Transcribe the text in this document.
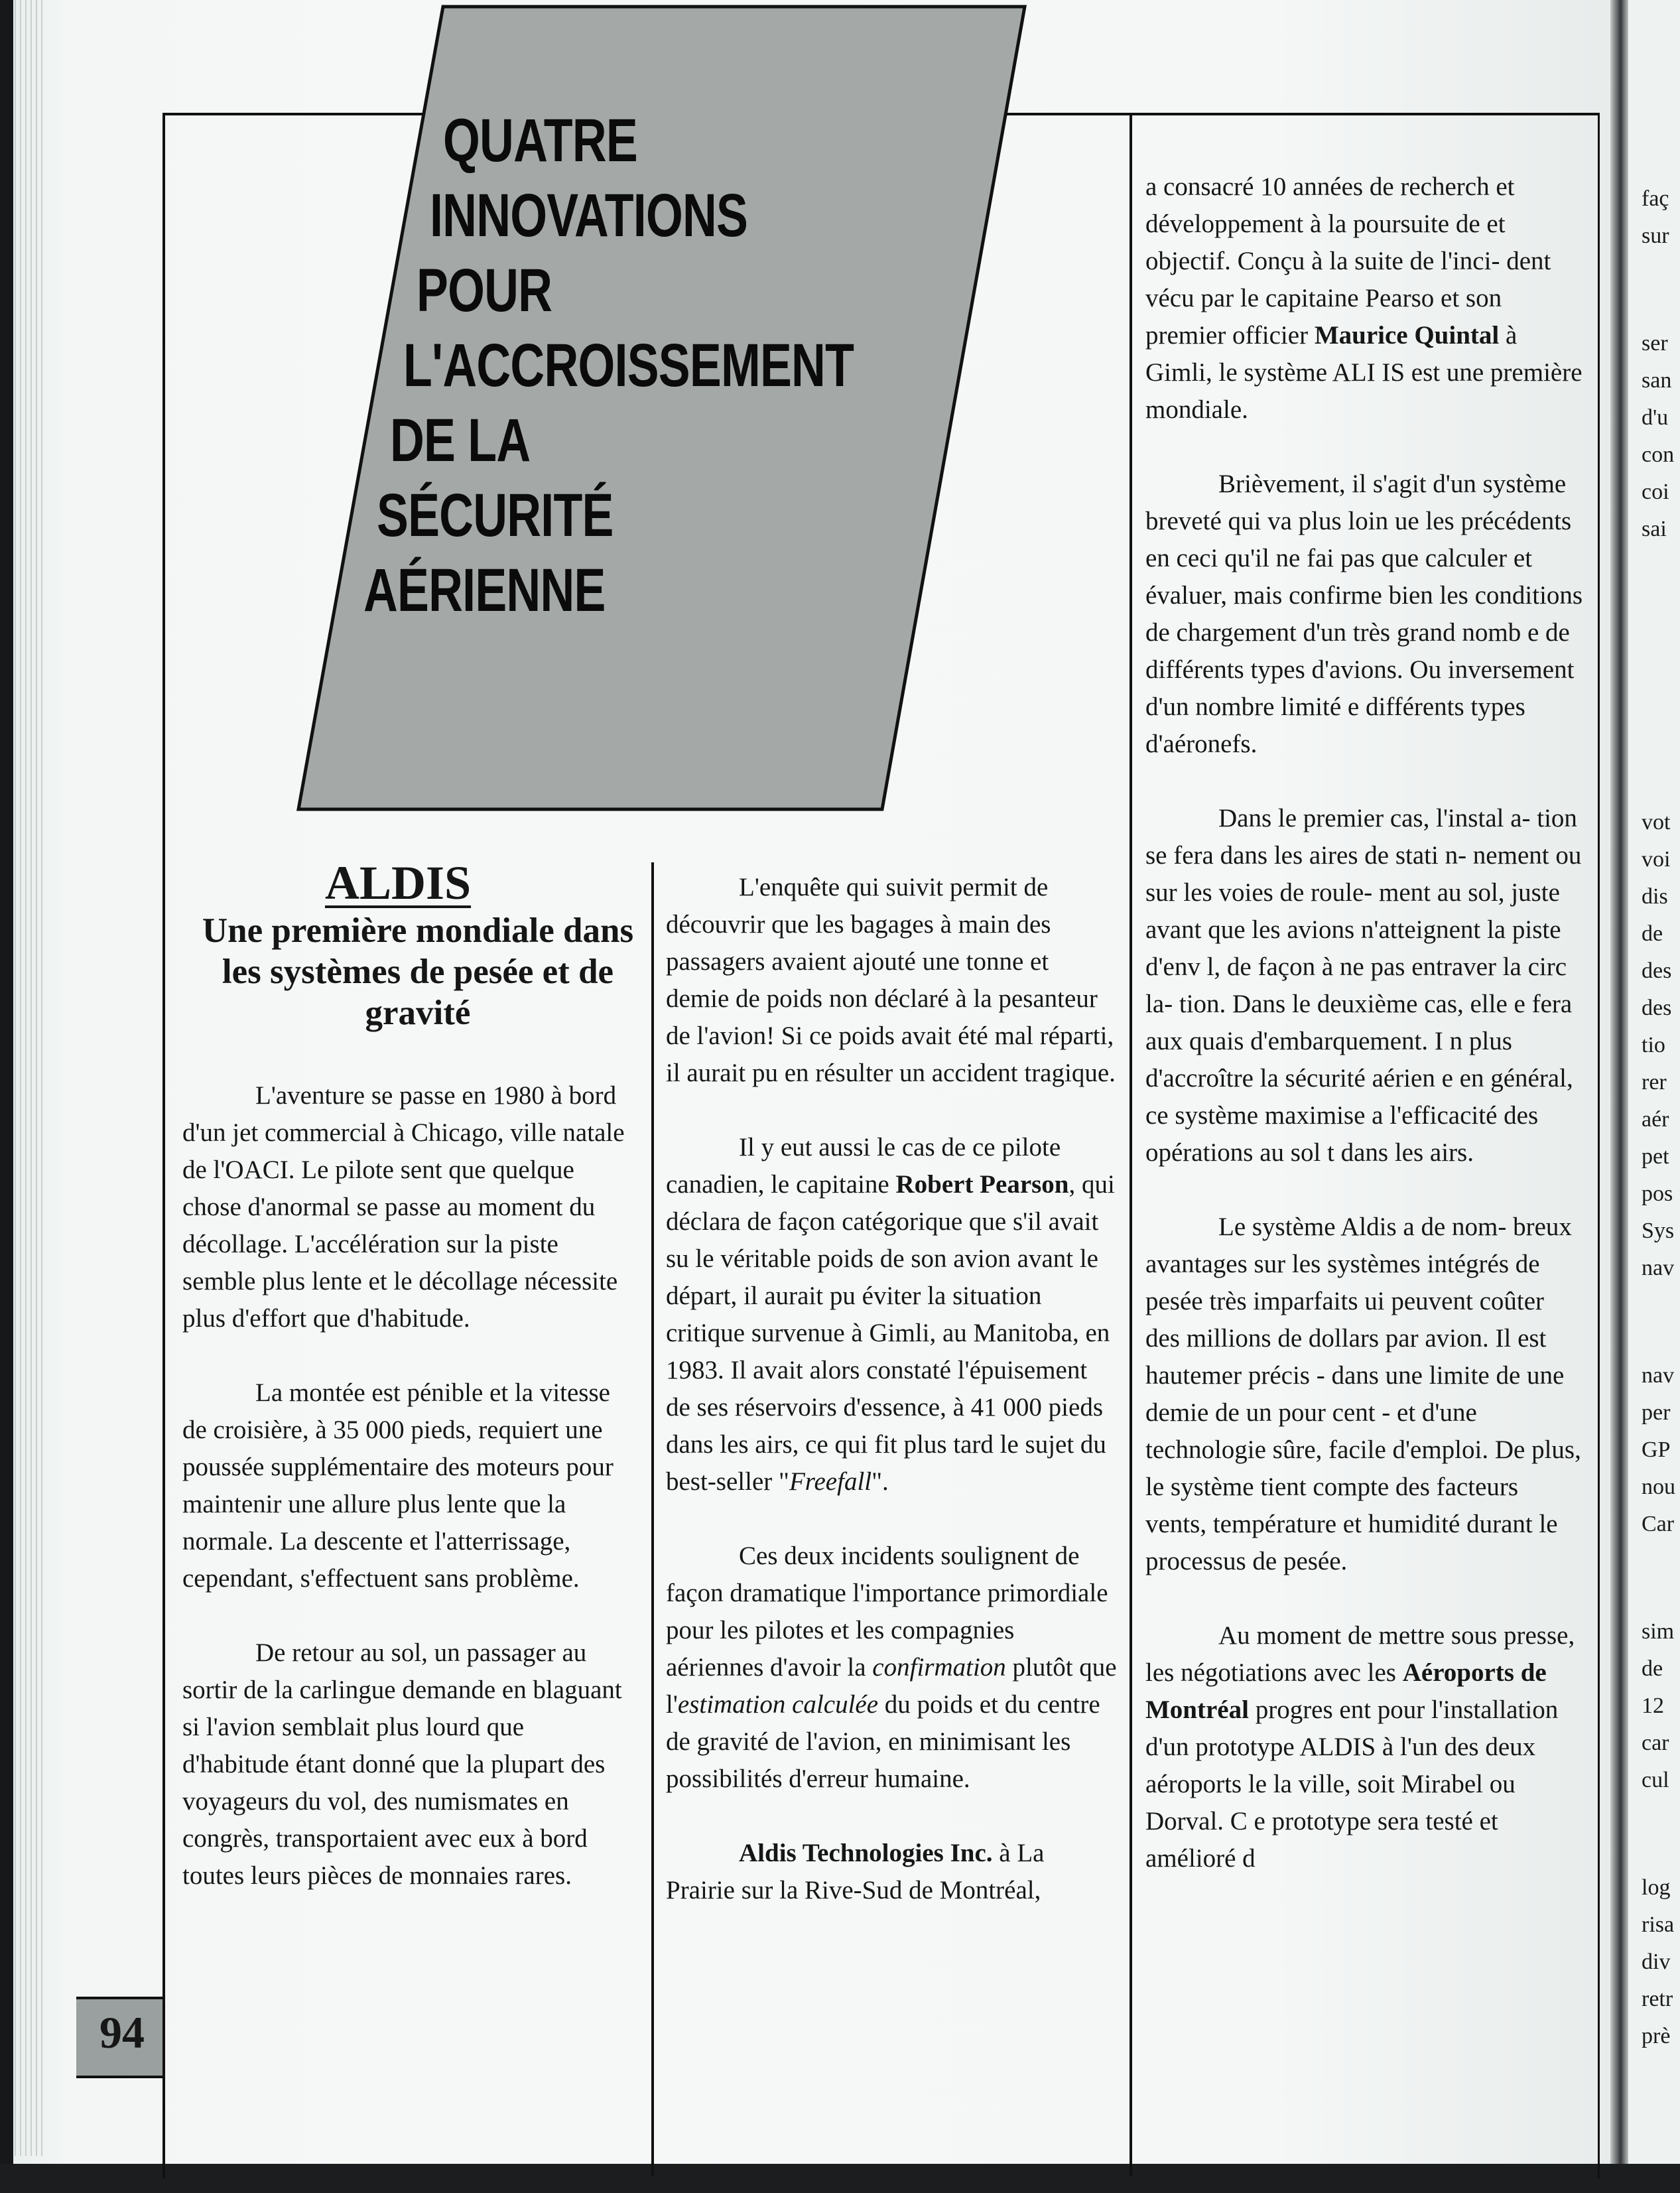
QUATRE
INNOVATIONS
POUR
L'ACCROISSEMENT
DE LA
SÉCURITÉ
AÉRIENNE
ALDIS
Une première mondiale dans les systèmes de pesée et de gravité

L'aventure se passe en 1980 à bord d'un jet commercial à Chicago, ville natale de l'OACI. Le pilote sent que quelque chose d'anormal se passe au moment du décollage. L'accélération sur la piste semble plus lente et le décollage nécessite plus d'effort que d'habitude.

La montée est pénible et la vitesse de croisière, à 35 000 pieds, requiert une poussée supplémentaire des moteurs pour maintenir une allure plus lente que la normale. La descente et l'atterrissage, cependant, s'effectuent sans problème.

De retour au sol, un passager au sortir de la carlingue demande en blaguant si l'avion semblait plus lourd que d'habitude étant donné que la plupart des voyageurs du vol, des numismates en congrès, transportaient avec eux à bord toutes leurs pièces de monnaies rares.

L'enquête qui suivit permit de découvrir que les bagages à main des passagers avaient ajouté une tonne et demie de poids non déclaré à la pesanteur de l'avion! Si ce poids avait été mal réparti, il aurait pu en résulter un accident tragique.

Il y eut aussi le cas de ce pilote canadien, le capitaine Robert Pearson, qui déclara de façon catégorique que s'il avait su le véritable poids de son avion avant le départ, il aurait pu éviter la situation critique survenue à Gimli, au Manitoba, en 1983. Il avait alors constaté l'épuisement de ses réservoirs d'essence, à 41 000 pieds dans les airs, ce qui fit plus tard le sujet du best-seller "Freefall".

Ces deux incidents soulignent de façon dramatique l'importance primordiale pour les pilotes et les compagnies aériennes d'avoir la confirmation plutôt que l'estimation calculée du poids et du centre de gravité de l'avion, en minimisant les possibilités d'erreur humaine.

Aldis Technologies Inc. à La Prairie sur la Rive-Sud de Montréal,

a consacré 10 années de recherch et développement à la poursuite de et objectif. Conçu à la suite de l'inci- dent vécu par le capitaine Pearso et son premier officier Maurice Quintal à Gimli, le système ALI IS est une première mondiale.

Brièvement, il s'agit d'un système breveté qui va plus loin ue les précédents en ceci qu'il ne fai pas que calculer et évaluer, mais confirme bien les conditions de chargement d'un très grand nomb e de différents types d'avions. Ou inversement d'un nombre limité e différents types d'aéronefs.

Dans le premier cas, l'instal a- tion se fera dans les aires de stati n- nement ou sur les voies de roule- ment au sol, juste avant que les avions n'atteignent la piste d'env l, de façon à ne pas entraver la circ la- tion. Dans le deuxième cas, elle e fera aux quais d'embarquement. I n plus d'accroître la sécurité aérien e en général, ce système maximise a l'efficacité des opérations au sol t dans les airs.

Le système Aldis a de nom- breux avantages sur les systèmes intégrés de pesée très imparfaits ui peuvent coûter des millions de dollars par avion. Il est hautemer précis - dans une limite de une demie de un pour cent - et d'une technologie sûre, facile d'emploi. De plus, le système tient compte des facteurs vents, température et humidité durant le processus de pesée.

Au moment de mettre sous presse, les négotiations avec les Aéroports de Montréal progres ent pour l'installation d'un prototype ALDIS à l'un des deux aéroports le la ville, soit Mirabel ou Dorval. C e prototype sera testé et amélioré d

94
faç
sur
ser
san
d'u
con
coi
sai
vot
voi
dis
de
des
des
tio
rer
aér
pet
pos
Sys
nav
nav
per
GP
nou
Car
sim
de
12
car
cul
log
risa
div
retr
prè
